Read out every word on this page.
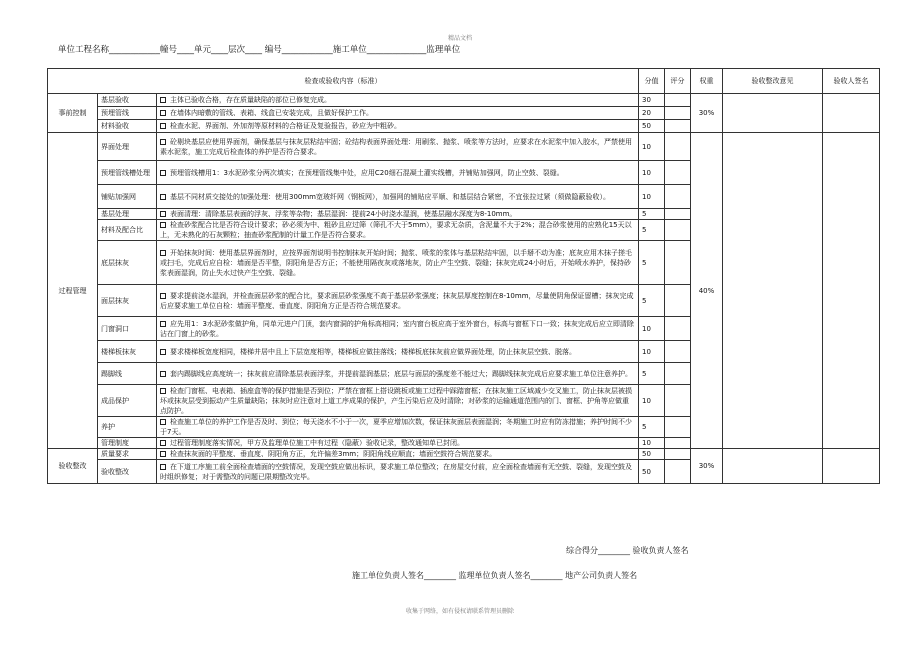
精品文档
单位工程名称____________幢号____单元____层次____ 编号____________施工单位______________监理单位
检查或验收内容（标准）			分值	评分	权重	验收整改意见	验收人签名
事前控制	基层验收	主体已验收合格，存在质量缺陷的部位已修复完成。	30		30%		
	预埋管线	在墙体内暗敷的管线、表箱、线盒已安装完成，且做好保护工作。	20				
	材料验收	检查水泥、界面剂、外加剂等原材料的合格证及复验报告，砂应为中粗砂。	50				
过程管理	界面处理	砼剔块基层应使用界面剂，确保基层与抹灰层粘结牢固；砼结构表面界面处理：用刷浆、抛浆、喷浆等方法时，应要求在水泥浆中加入胶水，严禁使用素水泥浆，施工完成后检查体的养护是否符合要求。	10		40%		
	预埋管线槽处理	预埋管线槽用1：3水泥砂浆分两次填实；在预埋管线集中处，应用C20细石混凝土灌实线槽，并铺贴加强网，防止空鼓、裂缝。	10				
	铺贴加强网	基层不同材质交接处的加强处理：使用300mm宽玻纤网（钢板网），加强网的铺贴应平顺、和基层结合紧密，不宜张拉过紧（须做隐蔽验收）。	10				
	基层处理	表面清理：清除基层表面的浮灰、浮浆等杂物；基层湿润：提前24小时浇水湿润，使基层融水深度为8-10mm。	5				
	材料及配合比	检查砂浆配合比是否符合设计要求；砂必须为中、粗砂且应过筛（筛孔不大于5mm），要求无杂质，含泥量不大于2%；混合砂浆使用的应熟化15天以上，无未熟化的石灰颗粒；抽查砂浆配制的计量工作是否符合要求。	5				
	底层抹灰	开始抹灰时间：使用基层界面剂时，应按界面剂说明书控制抹灰开始时间；抛浆、喷浆的浆体与基层粘结牢固，以手掰不动为准；底灰应用木抹子搓毛或扫毛，完成后应自检：墙面是否平整，阴阳角是否方正；不能使用隔夜灰或落地灰，防止产生空鼓、裂缝；抹灰完成24小时后，开始喷水养护，保持砂浆表面湿润，防止失水过快产生空鼓、裂缝。	5				
	面层抹灰	要求提前浇水湿润，并检查面层砂浆的配合比，要求面层砂浆强度不高于基层砂浆强度；抹灰层厚度控制在8-10mm，尽量使阴角保证留槽；抹灰完成后应要求施工单位自检：墙面平整度、垂直度、阴阳角方正是否符合规范要求。	5				
	门窗洞口	应先用1：3水泥砂浆做护角，同单元进户门顶，套内窗洞的护角标高相同；室内窗台板应高于室外窗台，标高与窗框下口一致；抹灰完成后应立即清除沾在门窗上的砂浆。	10				
	楼梯板抹灰	要求楼梯板宽度相同，楼梯井居中且上下层宽度相等，楼梯板应做挂落线；楼梯板底抹灰前应做界面处理，防止抹灰层空鼓、脱落。	10				
	踢脚线	套内踢脚线应高度统一；抹灰前应清除基层表面浮浆，并提前湿润基层；底层与面层的强度差不能过大；踢脚线抹灰完成后应要求施工单位注意养护。	5				
	成品保护	检查门窗框、电表箱、插座盒等的保护措施是否到位；严禁在窗框上搭设跳板或施工过程中踩踏窗框；在抹灰施工区域减少交叉施工，防止抹灰层被损坏或抹灰层受到振动产生质量缺陷；抹灰时应注意对上道工序成果的保护，产生污染后应及时清除；对砂浆的运输通道范围内的门、窗框、护角等应做重点防护。	10				
	养护	检查施工单位的养护工作是否及时、到位；每天浇水不小于一次，夏季应增加次数，保证抹灰面层表面湿润；冬期施工时应有防冻措施；养护时间不少于7天。	5				
	管理制度	过程管理制度落实情况，甲方及监理单位施工中有过程（隐蔽）验收记录，整改通知单已封闭。	10				
验收整改	质量要求	检查抹灰面的平整度、垂直度、阴阳角方正，允许偏差3mm；阴阳角线应顺直；墙面空鼓符合规范要求。	50		30%		
	验收整改	在下道工序施工前全面检查墙面的空鼓情况，发现空鼓应做出标识，要求施工单位整改；在房屋交付前，应全面检查墙面有无空鼓、裂缝，发现空鼓及时组织修复；对于需整改的问题已限期整改完毕。	50				
综合得分________ 验收负责人签名
施工单位负责人签名________ 监理单位负责人签名________ 地产公司负责人签名
收集于网络，如有侵权请联系管理员删除
